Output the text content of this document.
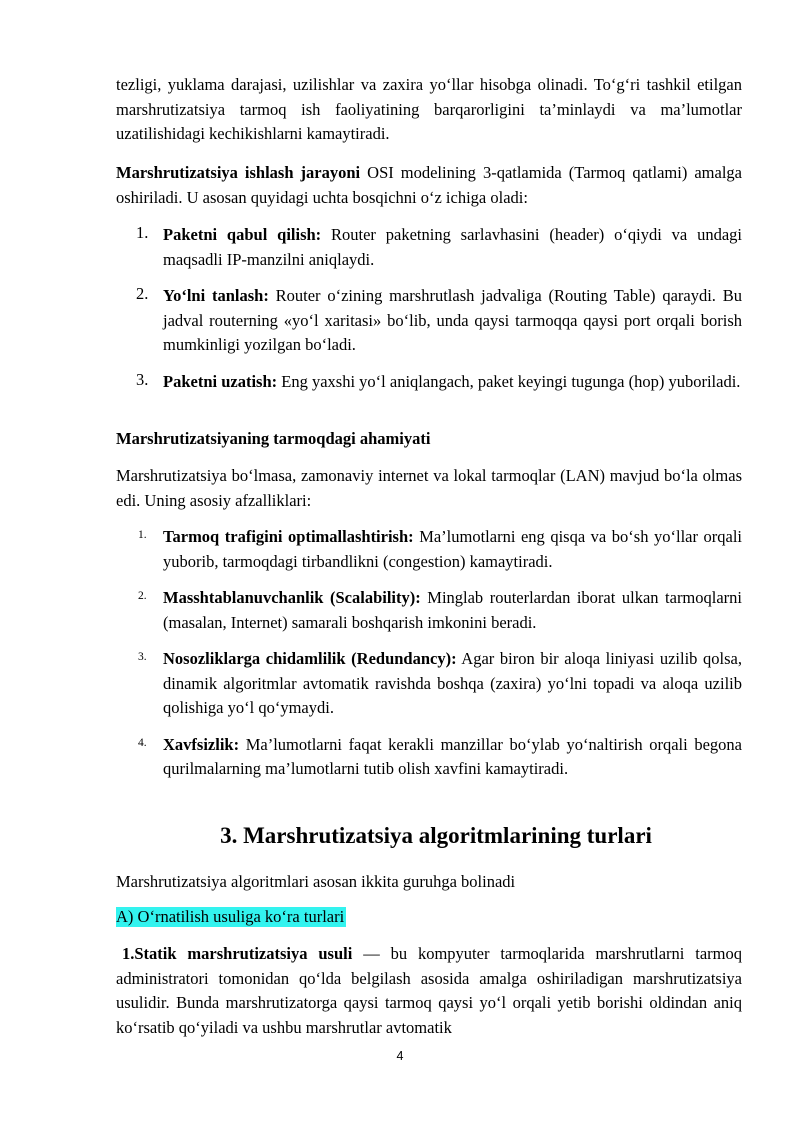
tezligi, yuklama darajasi, uzilishlar va zaxira yo‘llar hisobga olinadi. To‘g‘ri tashkil etilgan marshrutizatsiya tarmoq ish faoliyatining barqarorligini ta’minlaydi va ma’lumotlar uzatilishidagi kechikishlarni kamaytiradi.

Marshrutizatsiya ishlash jarayoni OSI modelining 3-qatlamida (Tarmoq qatlami) amalga oshiriladi. U asosan quyidagi uchta bosqichni o‘z ichiga oladi:

1. Paketni qabul qilish: Router paketning sarlavhasini (header) o‘qiydi va undagi maqsadli IP-manzilni aniqlaydi.
2. Yo‘lni tanlash: Router o‘zining marshrutlash jadvaliga (Routing Table) qaraydi. Bu jadval routerning «yo‘l xaritasi» bo‘lib, unda qaysi tarmoqqa qaysi port orqali borish mumkinligi yozilgan bo‘ladi.
3. Paketni uzatish: Eng yaxshi yo‘l aniqlangach, paket keyingi tugunga (hop) yuboriladi.
Marshrutizatsiyaning tarmoqdagi ahamiyati

Marshrutizatsiya bo‘lmasa, zamonaviy internet va lokal tarmoqlar (LAN) mavjud bo‘la olmas edi. Uning asosiy afzalliklari:

1. Tarmoq trafigini optimallashtirish: Ma’lumotlarni eng qisqa va bo‘sh yo‘llar orqali yuborib, tarmoqdagi tirbandlikni (congestion) kamaytiradi.
2. Masshtablanuvchanlik (Scalability): Minglab routerlardan iborat ulkan tarmoqlarni (masalan, Internet) samarali boshqarish imkonini beradi.
3. Nosozliklarga chidamlilik (Redundancy): Agar biron bir aloqa liniyasi uzilib qolsa, dinamik algoritmlar avtomatik ravishda boshqa (zaxira) yo‘lni topadi va aloqa uzilib qolishiga yo‘l qo‘ymaydi.
4. Xavfsizlik: Ma’lumotlarni faqat kerakli manzillar bo‘ylab yo‘naltirish orqali begona qurilmalarning ma’lumotlarni tutib olish xavfini kamaytiradi.
3. Marshrutizatsiya algoritmlarining turlari
Marshrutizatsiya algoritmlari asosan ikkita guruhga bolinadi
A) O‘rnatilish usuliga ko‘ra turlari

1.Statik marshrutizatsiya usuli — bu kompyuter tarmoqlarida marshrutlarni tarmoq administratori tomonidan qo‘lda belgilash asosida amalga oshiriladigan marshrutizatsiya usulidir. Bunda marshrutizatorga qaysi tarmoq qaysi yo‘l orqali yetib borishi oldindan aniq ko‘rsatib qo‘yiladi va ushbu marshrutlar avtomatik

4
